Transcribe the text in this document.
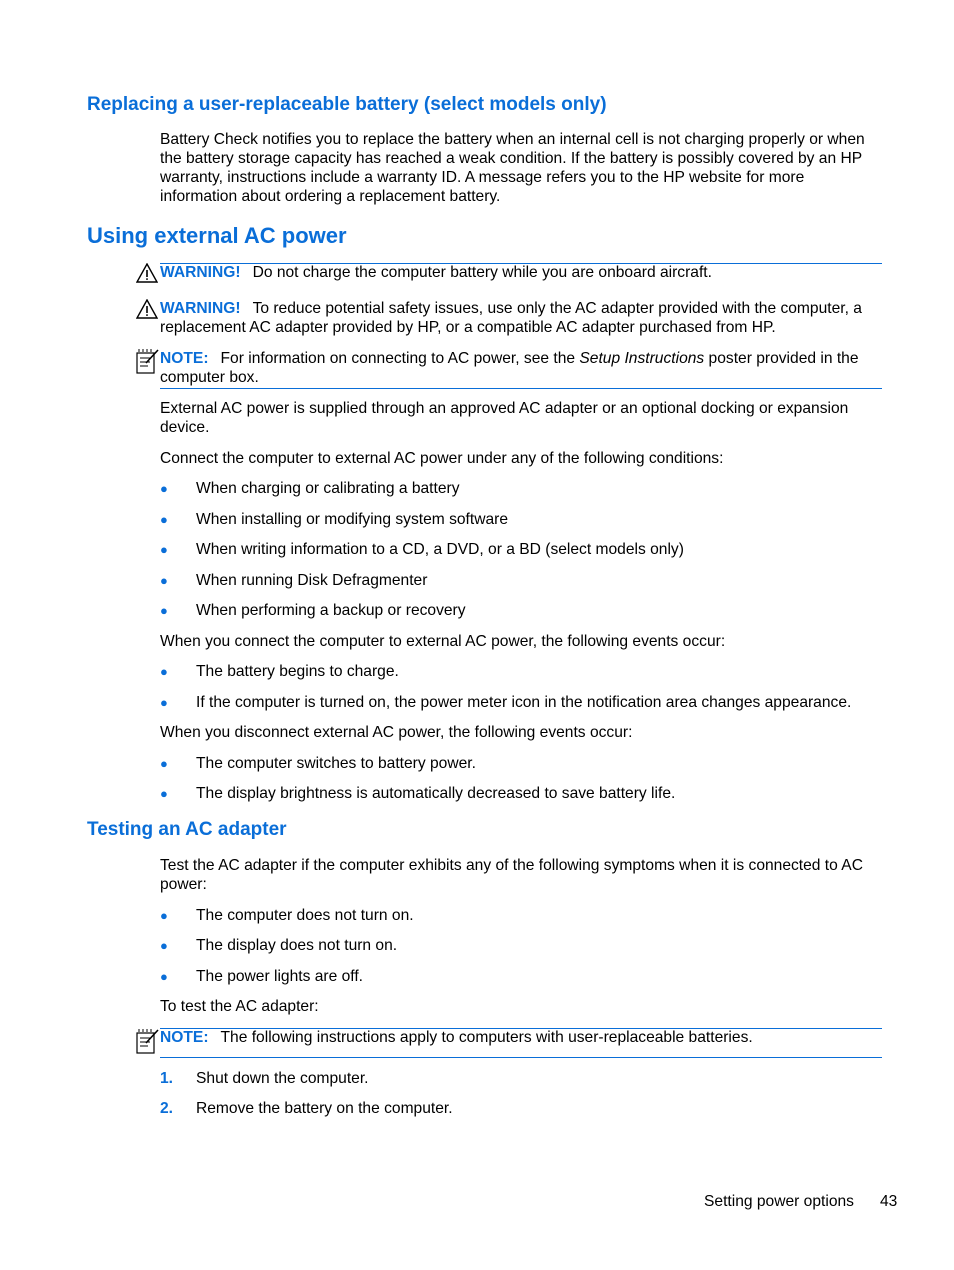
Replacing a user-replaceable battery (select models only)
Battery Check notifies you to replace the battery when an internal cell is not charging properly or when the battery storage capacity has reached a weak condition. If the battery is possibly covered by an HP warranty, instructions include a warranty ID. A message refers you to the HP website for more information about ordering a replacement battery.
Using external AC power
WARNING! Do not charge the computer battery while you are onboard aircraft.
WARNING! To reduce potential safety issues, use only the AC adapter provided with the computer, a replacement AC adapter provided by HP, or a compatible AC adapter purchased from HP.
NOTE: For information on connecting to AC power, see the Setup Instructions poster provided in the computer box.
External AC power is supplied through an approved AC adapter or an optional docking or expansion device.
Connect the computer to external AC power under any of the following conditions:
● When charging or calibrating a battery
● When installing or modifying system software
● When writing information to a CD, a DVD, or a BD (select models only)
● When running Disk Defragmenter
● When performing a backup or recovery
When you connect the computer to external AC power, the following events occur:
● The battery begins to charge.
● If the computer is turned on, the power meter icon in the notification area changes appearance.
When you disconnect external AC power, the following events occur:
● The computer switches to battery power.
● The display brightness is automatically decreased to save battery life.
Testing an AC adapter
Test the AC adapter if the computer exhibits any of the following symptoms when it is connected to AC power:
● The computer does not turn on.
● The display does not turn on.
● The power lights are off.
To test the AC adapter:
NOTE: The following instructions apply to computers with user-replaceable batteries.
1. Shut down the computer.
2. Remove the battery on the computer.
Setting power options 43
